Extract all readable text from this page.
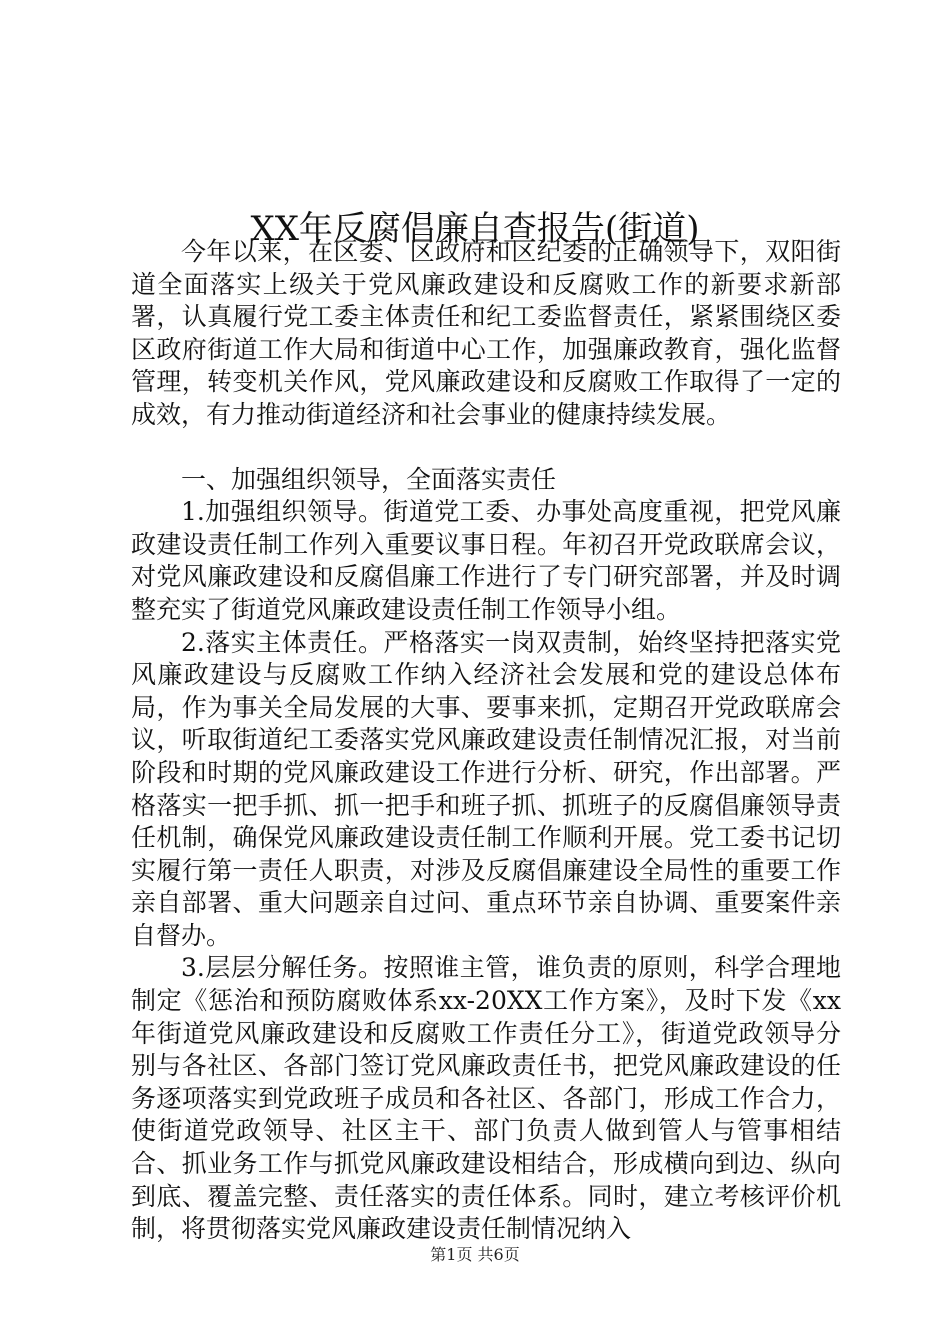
XX年反腐倡廉自查报告(街道)

今年以来，在区委、区政府和区纪委的正确领导下，双阳街道全面落实上级关于党风廉政建设和反腐败工作的新要求新部署，认真履行党工委主体责任和纪工委监督责任，紧紧围绕区委区政府街道工作大局和街道中心工作，加强廉政教育，强化监督管理，转变机关作风，党风廉政建设和反腐败工作取得了一定的成效，有力推动街道经济和社会事业的健康持续发展。

一、加强组织领导，全面落实责任

1.加强组织领导。街道党工委、办事处高度重视，把党风廉政建设责任制工作列入重要议事日程。年初召开党政联席会议，对党风廉政建设和反腐倡廉工作进行了专门研究部署，并及时调整充实了街道党风廉政建设责任制工作领导小组。

2.落实主体责任。严格落实一岗双责制，始终坚持把落实党风廉政建设与反腐败工作纳入经济社会发展和党的建设总体布局，作为事关全局发展的大事、要事来抓，定期召开党政联席会议，听取街道纪工委落实党风廉政建设责任制情况汇报，对当前阶段和时期的党风廉政建设工作进行分析、研究，作出部署。严格落实一把手抓、抓一把手和班子抓、抓班子的反腐倡廉领导责任机制，确保党风廉政建设责任制工作顺利开展。党工委书记切实履行第一责任人职责，对涉及反腐倡廉建设全局性的重要工作亲自部署、重大问题亲自过问、重点环节亲自协调、重要案件亲自督办。

3.层层分解任务。按照谁主管，谁负责的原则，科学合理地制定《惩治和预防腐败体系xx-20XX工作方案》，及时下发《xx年街道党风廉政建设和反腐败工作责任分工》，街道党政领导分别与各社区、各部门签订党风廉政责任书，把党风廉政建设的任务逐项落实到党政班子成员和各社区、各部门，形成工作合力，使街道党政领导、社区主干、部门负责人做到管人与管事相结合、抓业务工作与抓党风廉政建设相结合，形成横向到边、纵向到底、覆盖完整、责任落实的责任体系。同时，建立考核评价机制，将贯彻落实党风廉政建设责任制情况纳入

第1页 共6页
